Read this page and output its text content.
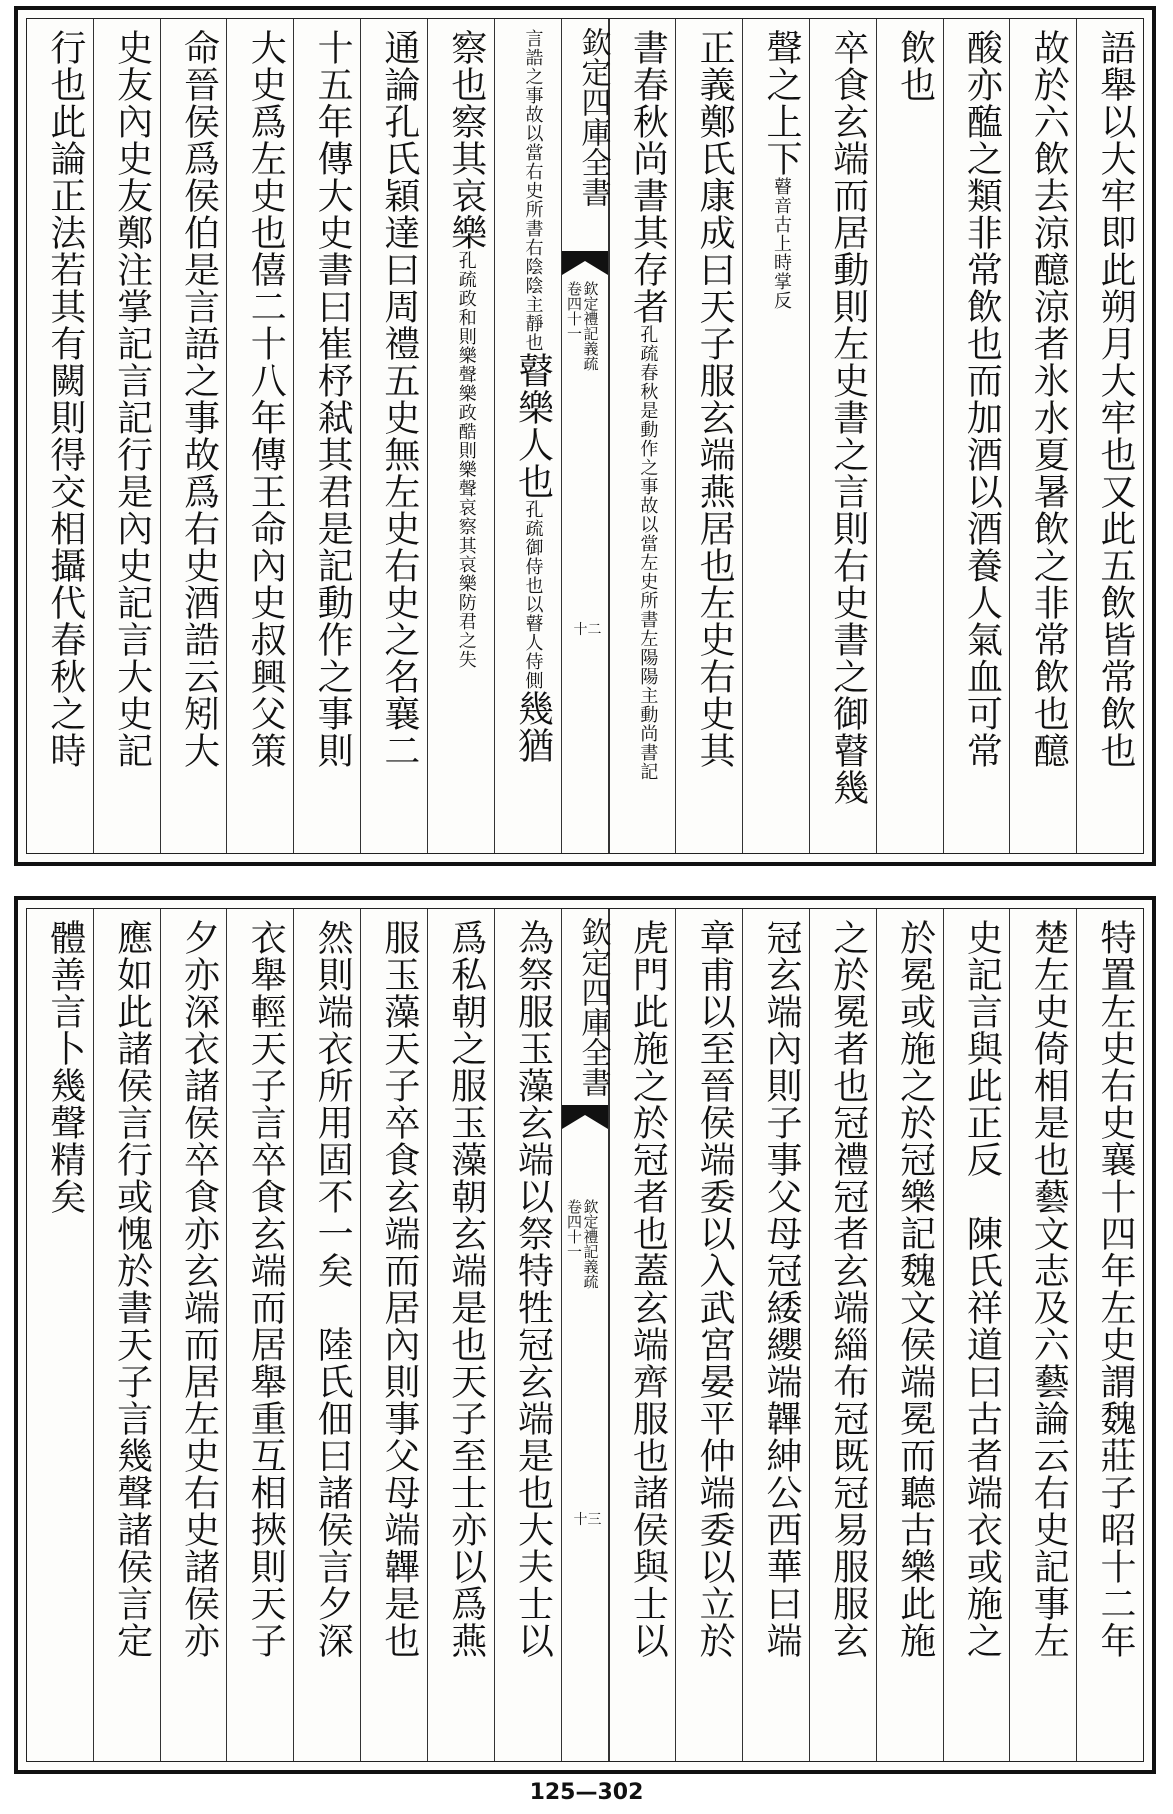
語舉以大牢即此朔月大牢也又此五飲皆常飲也
故於六飲去涼醷涼者氷水夏暑飲之非常飲也醷
酸亦醢之類非常飲也而加酒以酒養人氣血可常
飲也
卒食玄端而居動則左史書之言則右史書之御瞽幾
聲之上下瞽音古上時掌反
正義鄭氏康成曰天子服玄端燕居也左史右史其
書春秋尚書其存者孔疏春秋是動作之事故以當左史所書左陽陽主動尚書記
欽定四庫全書
欽定禮記義疏
卷四十一
十二
言誥之事故以當右史所書右陰陰主靜也瞽樂人也孔疏御侍也以瞽人侍側幾猶
察也察其哀樂孔疏政和則樂聲樂政酷則樂聲哀察其哀樂防君之失
通論孔氏穎達曰周禮五史無左史右史之名襄二
十五年傳大史書曰崔杼弒其君是記動作之事則
大史爲左史也僖二十八年傳王命內史叔興父策
命晉侯爲侯伯是言語之事故爲右史酒誥云矧大
史友內史友鄭注掌記言記行是內史記言大史記
行也此論正法若其有闕則得交相攝代春秋之時
特置左史右史襄十四年左史謂魏莊子昭十二年
楚左史倚相是也藝文志及六藝論云右史記事左
史記言與此正反　陳氏祥道曰古者端衣或施之
於冕或施之於冠樂記魏文侯端冕而聽古樂此施
之於冕者也冠禮冠者玄端緇布冠既冠易服服玄
冠玄端內則子事父母冠緌纓端韠紳公西華曰端
章甫以至晉侯端委以入武宮晏平仲端委以立於
虎門此施之於冠者也蓋玄端齊服也諸侯與士以
欽定四庫全書
欽定禮記義疏
卷四十一
十三
為祭服玉藻玄端以祭特牲冠玄端是也大夫士以
爲私朝之服玉藻朝玄端是也天子至士亦以爲燕
服玉藻天子卒食玄端而居內則事父母端韠是也
然則端衣所用固不一矣　陸氏佃曰諸侯言夕深
衣舉輕天子言卒食玄端而居舉重互相挾則天子
夕亦深衣諸侯卒食亦玄端而居左史右史諸侯亦
應如此諸侯言行或愧於書天子言幾聲諸侯言定
體善言卜幾聲精矣
125—302
